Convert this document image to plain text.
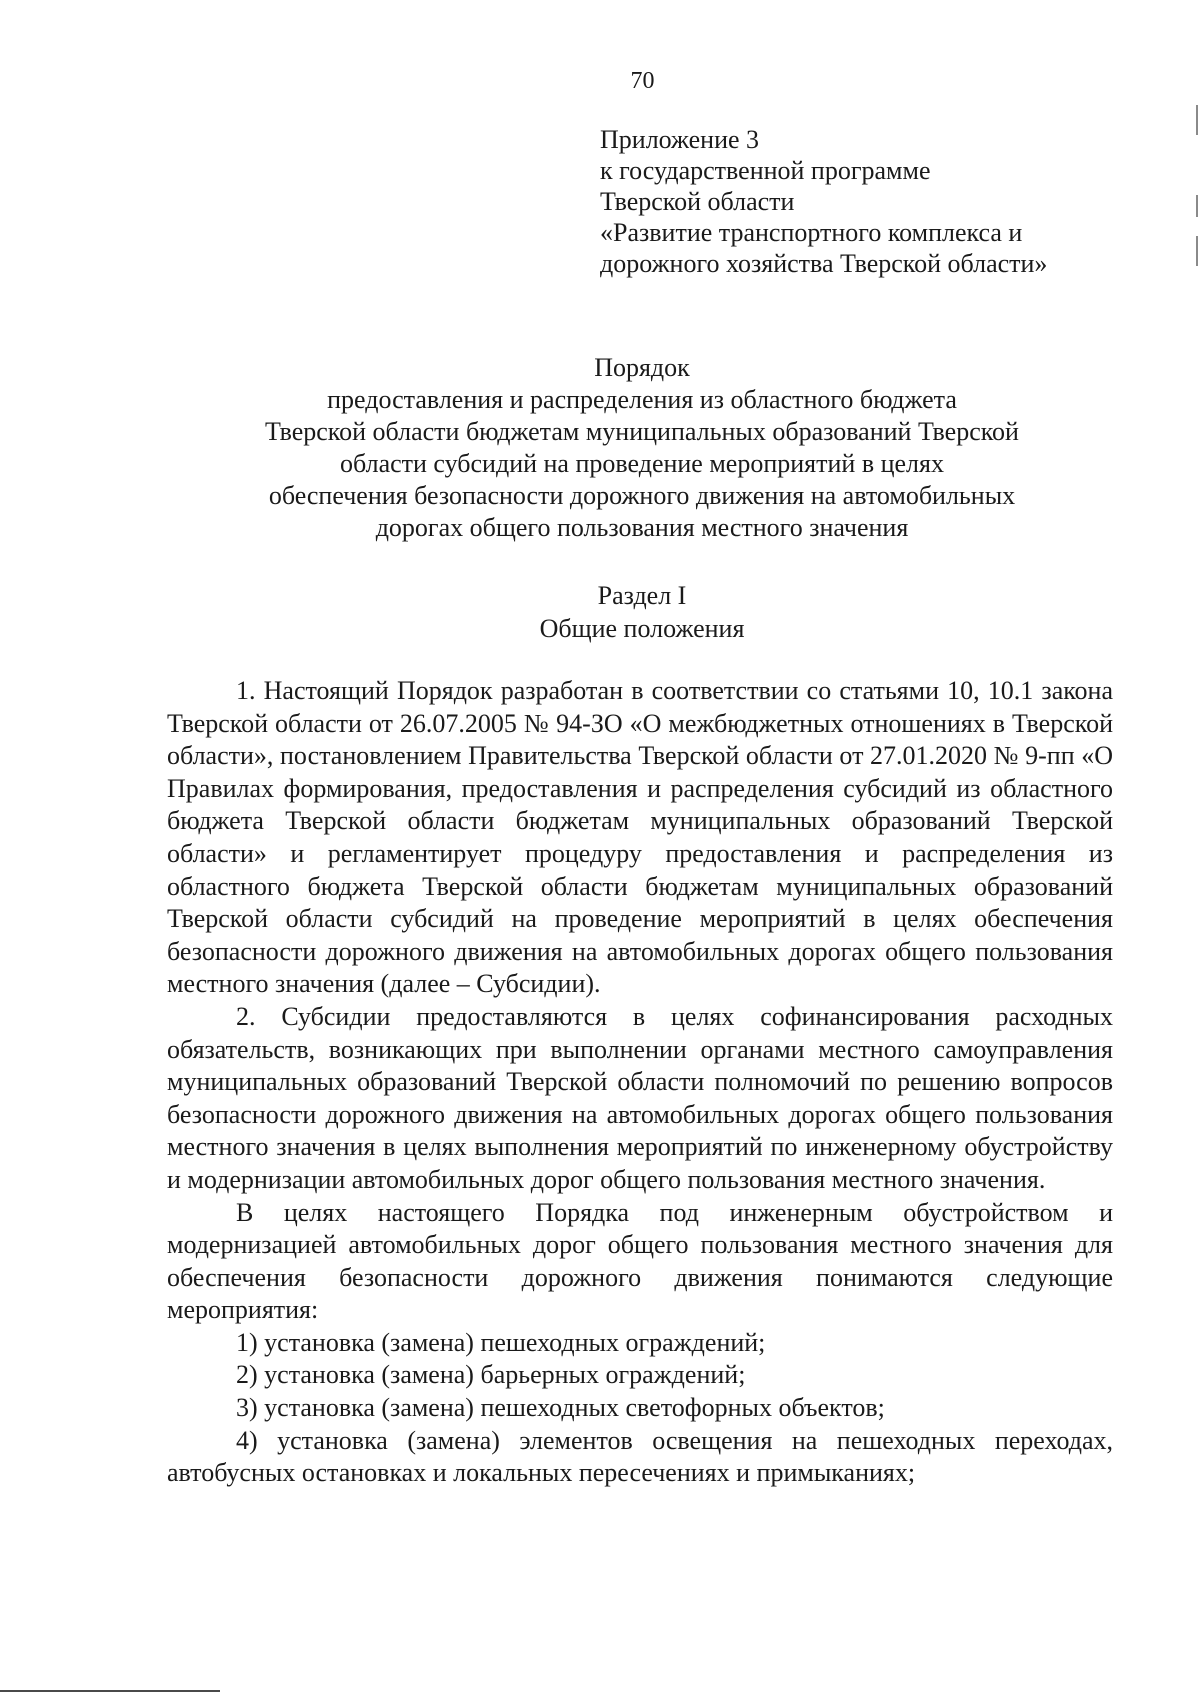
70
Приложение 3
к государственной программе
Тверской области
«Развитие транспортного комплекса и
дорожного хозяйства Тверской области»
Порядок
предоставления и распределения из областного бюджета
Тверской области бюджетам муниципальных образований Тверской
области субсидий на проведение мероприятий в целях
обеспечения безопасности дорожного движения на автомобильных
дорогах общего пользования местного значения
Раздел I
Общие положения

1. Настоящий Порядок разработан в соответствии со статьями 10, 10.1 закона Тверской области от 26.07.2005 № 94-ЗО «О межбюджетных отношениях в Тверской области», постановлением Правительства Тверской области от 27.01.2020 № 9-пп «О Правилах формирования, предоставления и распределения субсидий из областного бюджета Тверской области бюджетам муниципальных образований Тверской области» и регламентирует процедуру предоставления и распределения из областного бюджета Тверской области бюджетам муниципальных образований Тверской области субсидий на проведение мероприятий в целях обеспечения безопасности дорожного движения на автомобильных дорогах общего пользования местного значения (далее – Субсидии).

2. Субсидии предоставляются в целях софинансирования расходных обязательств, возникающих при выполнении органами местного самоуправления муниципальных образований Тверской области полномочий по решению вопросов безопасности дорожного движения на автомобильных дорогах общего пользования местного значения в целях выполнения мероприятий по инженерному обустройству и модернизации автомобильных дорог общего пользования местного значения.

В целях настоящего Порядка под инженерным обустройством и модернизацией автомобильных дорог общего пользования местного значения для обеспечения безопасности дорожного движения понимаются следующие мероприятия:

1) установка (замена) пешеходных ограждений;

2) установка (замена) барьерных ограждений;

3) установка (замена) пешеходных светофорных объектов;

4) установка (замена) элементов освещения на пешеходных переходах, автобусных остановках и локальных пересечениях и примыканиях;
